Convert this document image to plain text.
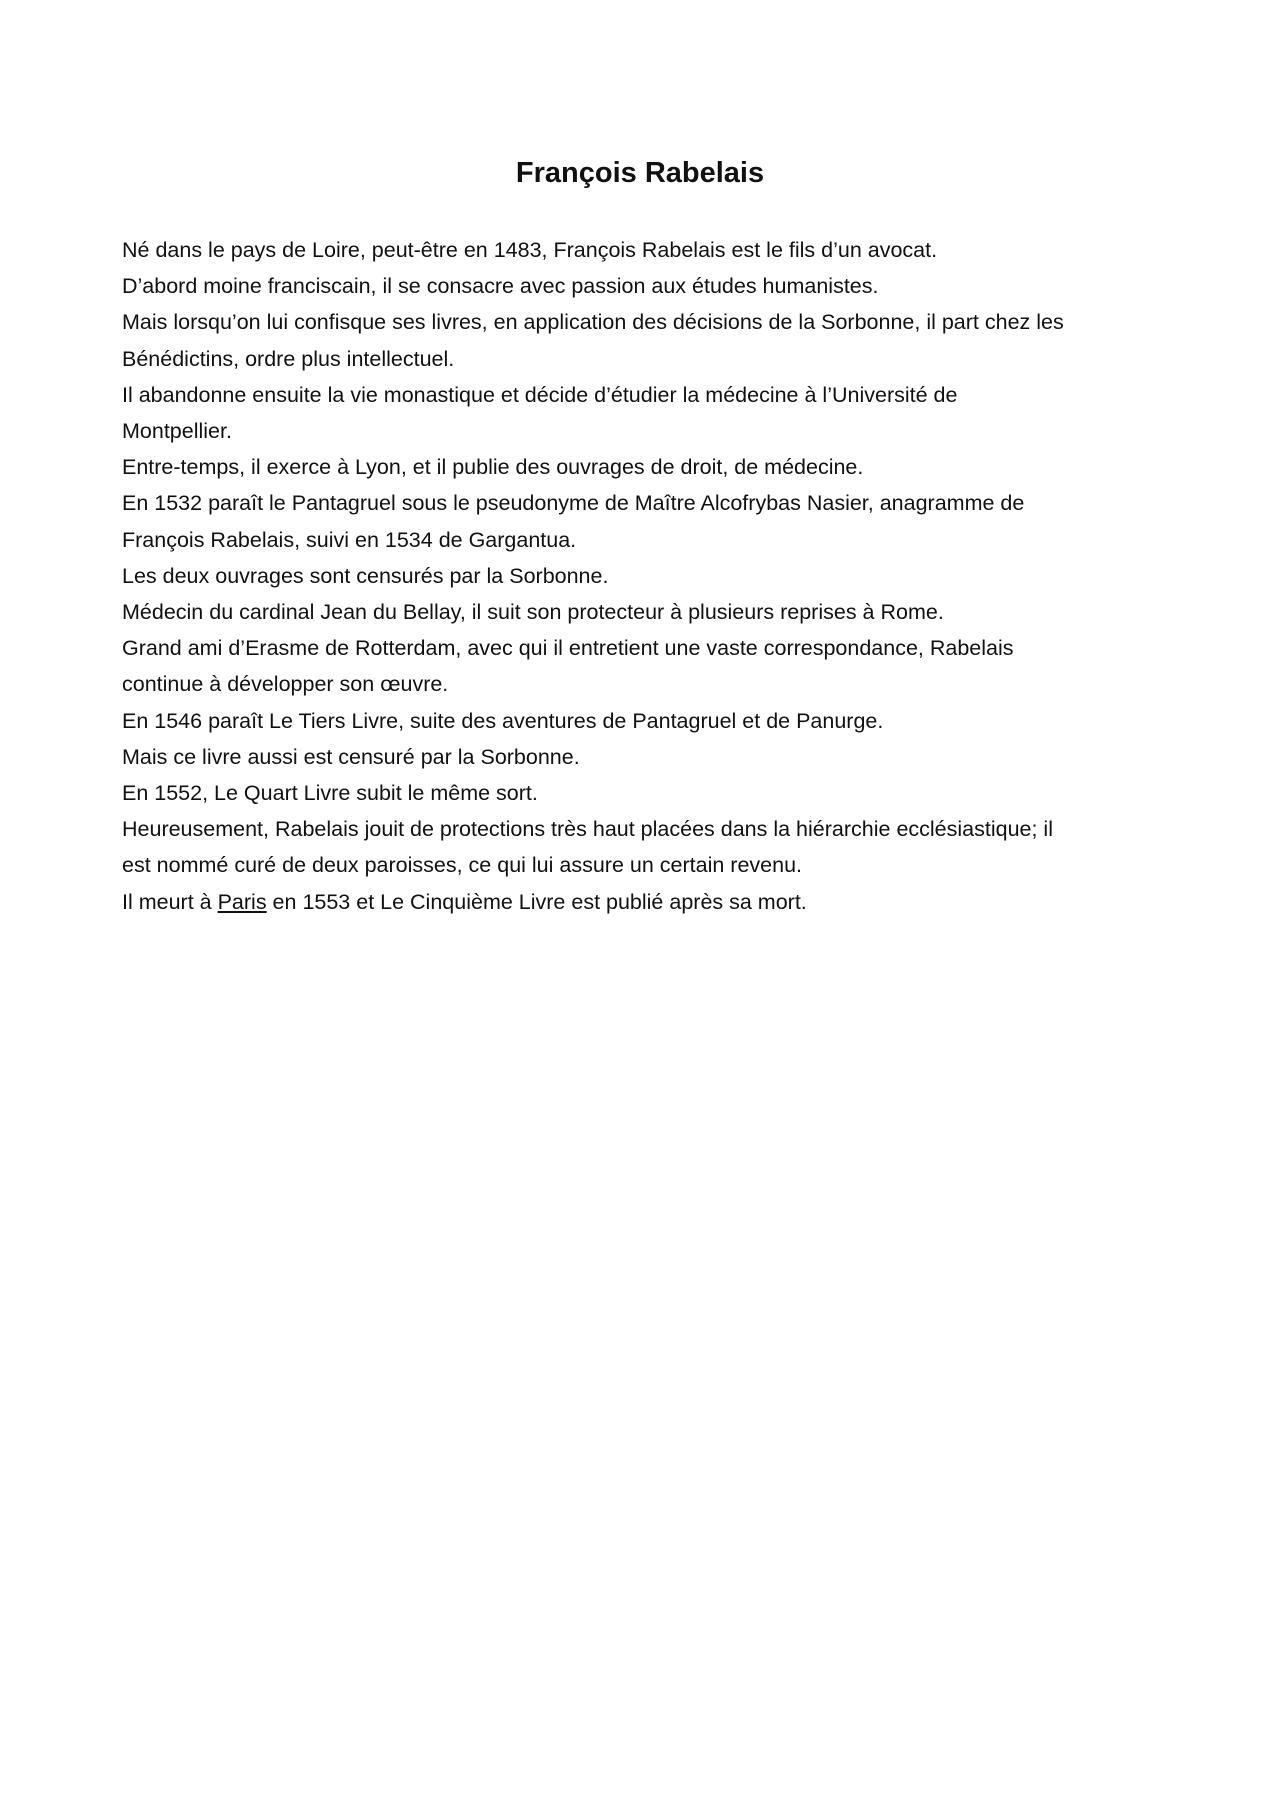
François Rabelais
Né dans le pays de Loire, peut-être en 1483, François Rabelais est le fils d’un avocat.
D’abord moine franciscain, il se consacre avec passion aux études humanistes.
Mais lorsqu’on lui confisque ses livres, en application des décisions de la Sorbonne, il part chez les
Bénédictins, ordre plus intellectuel.
Il abandonne ensuite la vie monastique et décide d’étudier la médecine à l’Université de
Montpellier.
Entre-temps, il exerce à Lyon, et il publie des ouvrages de droit, de médecine.
En 1532 paraît le Pantagruel sous le pseudonyme de Maître Alcofrybas Nasier, anagramme de
François Rabelais, suivi en 1534 de Gargantua.
Les deux ouvrages sont censurés par la Sorbonne.
Médecin du cardinal Jean du Bellay, il suit son protecteur à plusieurs reprises à Rome.
Grand ami d’Erasme de Rotterdam, avec qui il entretient une vaste correspondance, Rabelais
continue à développer son œuvre.
En 1546 paraît Le Tiers Livre, suite des aventures de Pantagruel et de Panurge.
Mais ce livre aussi est censuré par la Sorbonne.
En 1552, Le Quart Livre subit le même sort.
Heureusement, Rabelais jouit de protections très haut placées dans la hiérarchie ecclésiastique; il
est nommé curé de deux paroisses, ce qui lui assure un certain revenu.
Il meurt à Paris en 1553 et Le Cinquième Livre est publié après sa mort.
